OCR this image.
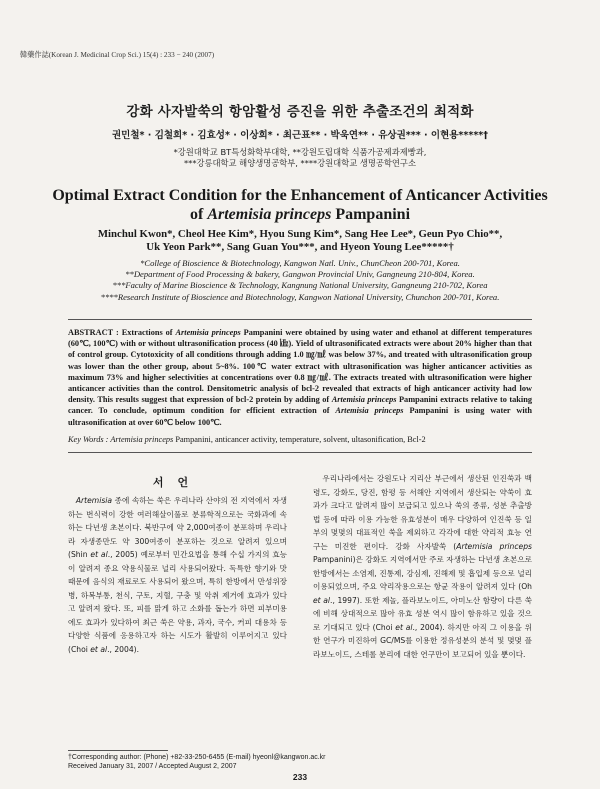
韓藥作誌(Korean J. Medicinal Crop Sci.) 15(4) : 233 − 240 (2007)
강화 사자발쑥의 항암활성 증진을 위한 추출조건의 최적화
권민철* · 김철희* · 김효성* · 이상희* · 최근표** · 박욱연** · 유상권*** · 이현용*****†
*강원대학교 BT특성화학부대학, **강원도립대학 식품가공제과제빵과,
***강릉대학교 해양생명공학부, ****강원대학교 생명공학연구소
Optimal Extract Condition for the Enhancement of Anticancer Activities
of Artemisia princeps Pampanini
Minchul Kwon*, Cheol Hee Kim*, Hyou Sung Kim*, Sang Hee Lee*, Geun Pyo Chio**,
Uk Yeon Park**, Sang Guan You***, and Hyeon Young Lee*****†
*College of Bioscience & Biotechnology, Kangwon Natl. Univ., ChunCheon 200-701, Korea.
**Department of Food Processing & bakery, Gangwon Provincial Univ, Gangneung 210-804, Korea.
***Faculty of Marine Bioscience & Technology, Kangnung National University, Gangneung 210-702, Korea
****Research Institute of Bioscience and Biotechnology, Kangwon National University, Chunchon 200-701, Korea.
ABSTRACT : Extractions of Artemisia princeps Pampanini were obtained by using water and ethanol at different temperatures (60℃, 100℃) with or without ultrasonification process (40 ㎑). Yield of ultrasonificated extracts were about 20% higher than that of control group. Cytotoxicity of all conditions through adding 1.0 ㎎/㎖ was below 37%, and treated with ultrasonification group was lower than the other group, about 5~8%. 100℃ water extract with ultrasonification was higher anticancer activities as maximum 73% and higher selectivities at concentrations over 0.8 ㎎/㎖. The extracts treated with ultrasonification were higher anticancer activities than the control. Densitometric analysis of bcl-2 revealed that extracts of high anticancer activity had low density. This results suggest that expression of bcl-2 protein by adding of Artemisia princeps Pampanini extracts relative to taking cancer. To conclude, optimum condition for efficient extraction of Artemisia princeps Pampanini is using water with ultrasonification at over 60℃ below 100℃.
Key Words : Artemisia princeps Pampanini, anticancer activity, temperature, solvent, ultasonification, Bcl-2
서언

Artemisia 종에 속하는 쑥은 우리나라 산야의 전 지역에서 자생하는 번식력이 강한 여러해살이풀로 분류학적으로는 국화과에 속하는 다년생 초본이다. 북반구에 약 2,000여종이 분포하며 우리나라 자생종만도 약 300여종이 분포하는 것으로 알려져 있으며 (Shin et al., 2005) 예로부터 민간요법을 통해 수십 가지의 효능이 알려져 종요 약용식물로 널리 사용되어왔다. 독특한 향기와 맛 때문에 음식의 재료로도 사용되어 왔으며, 특히 한방에서 만성위장병, 하복부통, 천식, 구토, 지혈, 구충 및 악취 제거에 효과가 있다고 알려져 왔다. 또, 피를 맑게 하고 소화를 돕는가 하면 피부미용에도 효과가 있다하여 최근 쑥은 약용, 과자, 국수, 커피 대용차 등 다양한 식품에 응용하고자 하는 시도가 활발히 이루어지고 있다 (Choi et al., 2004).

우리나라에서는 강원도나 지리산 부근에서 생산된 인진쑥과 백령도, 강화도, 당진, 함평 등 서해안 지역에서 생산되는 약쑥이 효과가 크다고 알려져 많이 보급되고 있으나 쑥의 종류, 성분 추출방법 등에 따라 이용 가능한 유효성분이 매우 다양하여 인진쑥 등 일부의 몇몇의 대표적인 쑥을 제외하고 각각에 대한 약리적 효능 연구는 미진한 편이다. 강화 사자발쑥 (Artemisia princeps Pampanini)은 강화도 지역에서만 주로 자생하는 다년생 초본으로 한방에서는 소염제, 진통제, 강심제, 진해제 및 흡입제 등으로 널리 이용되었으며, 주요 약리작용으로는 항균 작용이 알려져 있다 (Oh et al., 1997). 또한 제놀, 플라보노이드, 아미노산 함량이 다른 쑥에 비해 상대적으로 많아 유효 성분 역시 많이 함유하고 있을 것으로 기대되고 있다 (Choi et al., 2004). 하지만 아직 그 이용을 위한 연구가 미진하여 GC/MS를 이용한 정유성분의 분석 및 몇몇 플라보노이드, 스테롤 분리에 대한 연구만이 보고되어 있을 뿐이다.

†Corresponding author: (Phone) +82-33-250-6455 (E-mail) hyeonl@kangwon.ac.kr
Received January 31, 2007 / Accepted August 2, 2007
233
